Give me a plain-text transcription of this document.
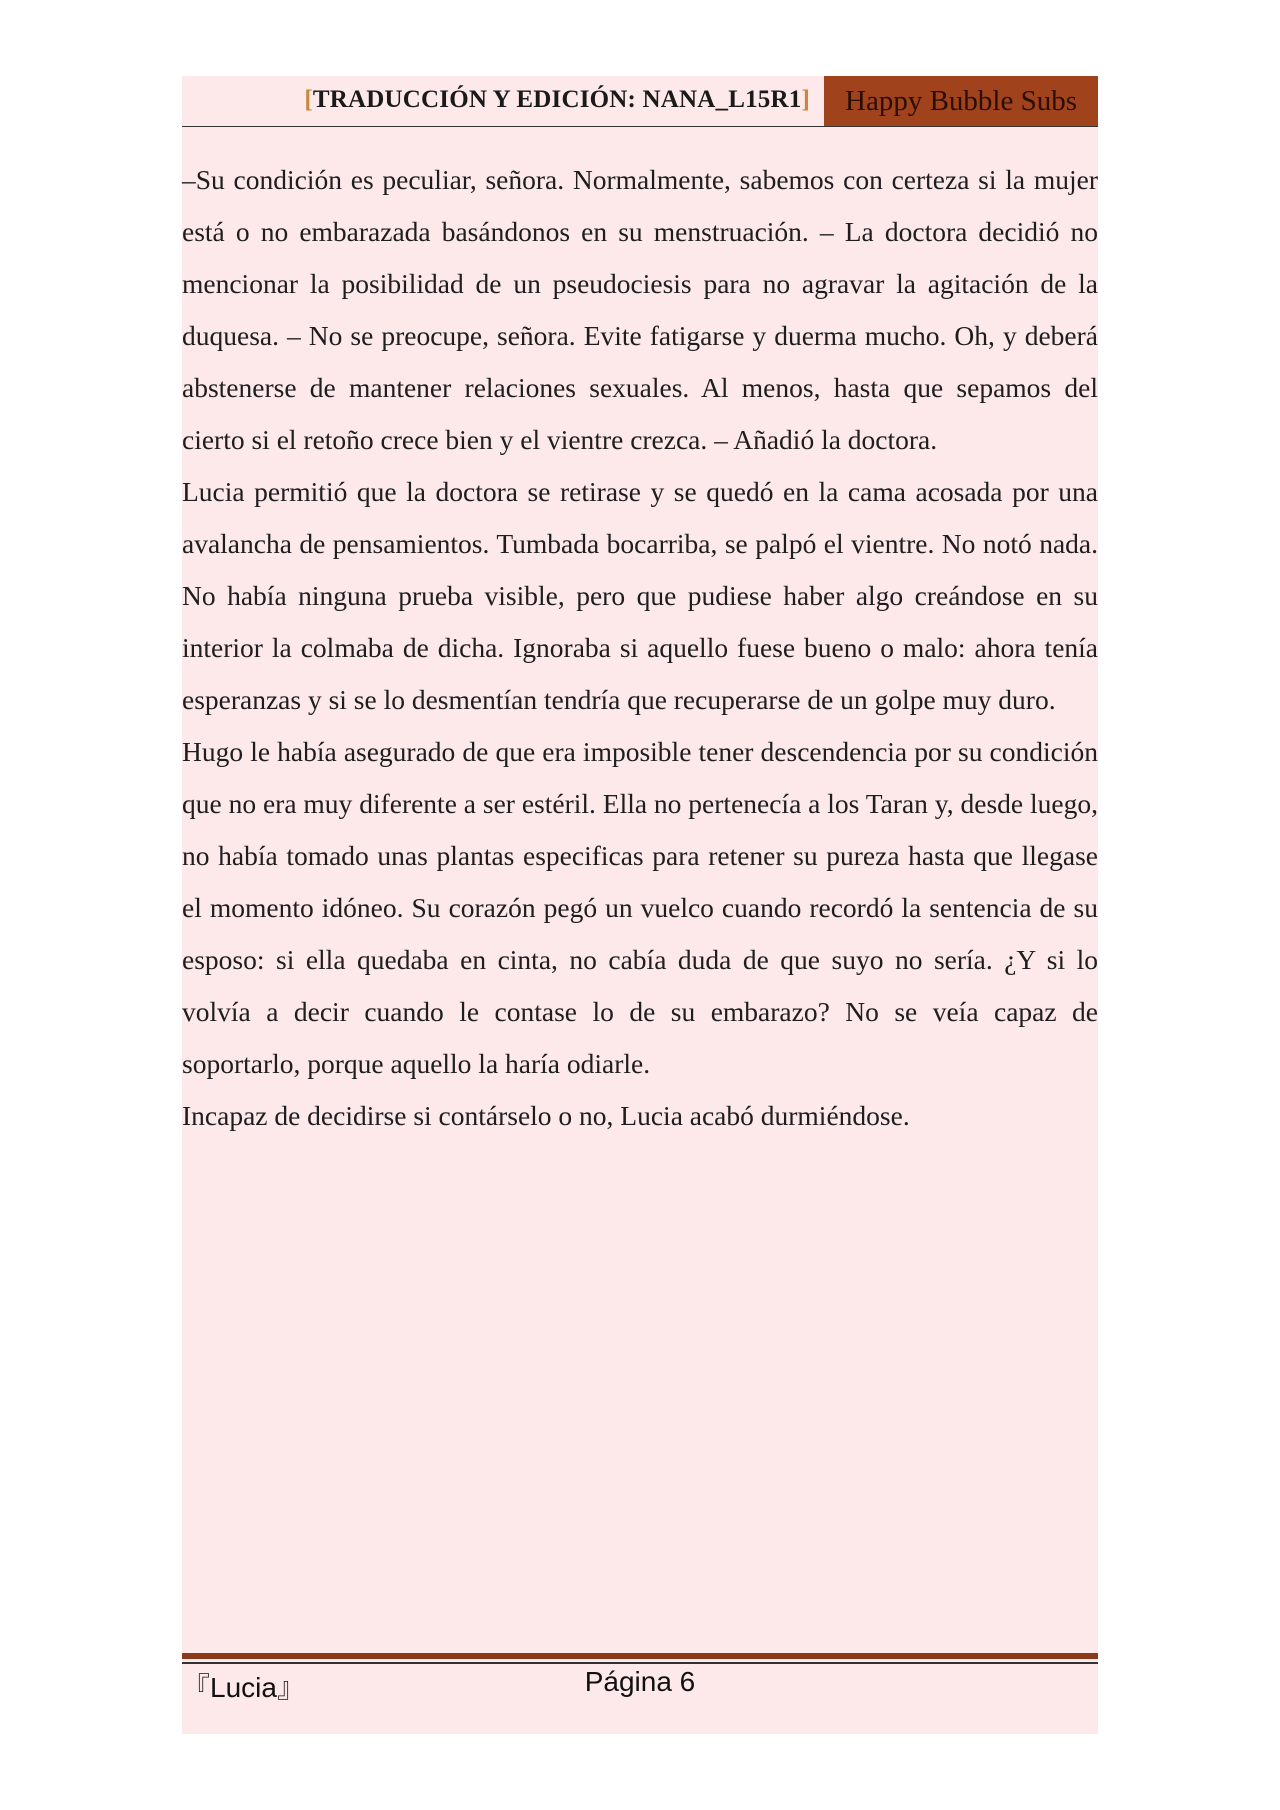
[TRADUCCIÓN Y EDICIÓN: NANA_L15R1]	Happy Bubble Subs

–Su condición es peculiar, señora. Normalmente, sabemos con certeza si la mujer está o no embarazada basándonos en su menstruación. – La doctora decidió no mencionar la posibilidad de un pseudociesis para no agravar la agitación de la duquesa. – No se preocupe, señora. Evite fatigarse y duerma mucho. Oh, y deberá abstenerse de mantener relaciones sexuales. Al menos, hasta que sepamos del cierto si el retoño crece bien y el vientre crezca. – Añadió la doctora.

Lucia permitió que la doctora se retirase y se quedó en la cama acosada por una avalancha de pensamientos. Tumbada bocarriba, se palpó el vientre. No notó nada. No había ninguna prueba visible, pero que pudiese haber algo creándose en su interior la colmaba de dicha. Ignoraba si aquello fuese bueno o malo: ahora tenía esperanzas y si se lo desmentían tendría que recuperarse de un golpe muy duro.

Hugo le había asegurado de que era imposible tener descendencia por su condición que no era muy diferente a ser estéril. Ella no pertenecía a los Taran y, desde luego, no había tomado unas plantas especificas para retener su pureza hasta que llegase el momento idóneo. Su corazón pegó un vuelco cuando recordó la sentencia de su esposo: si ella quedaba en cinta, no cabía duda de que suyo no sería. ¿Y si lo volvía a decir cuando le contase lo de su embarazo? No se veía capaz de soportarlo, porque aquello la haría odiarle.

Incapaz de decidirse si contárselo o no, Lucia acabó durmiéndose.

『Lucia』	Página 6
